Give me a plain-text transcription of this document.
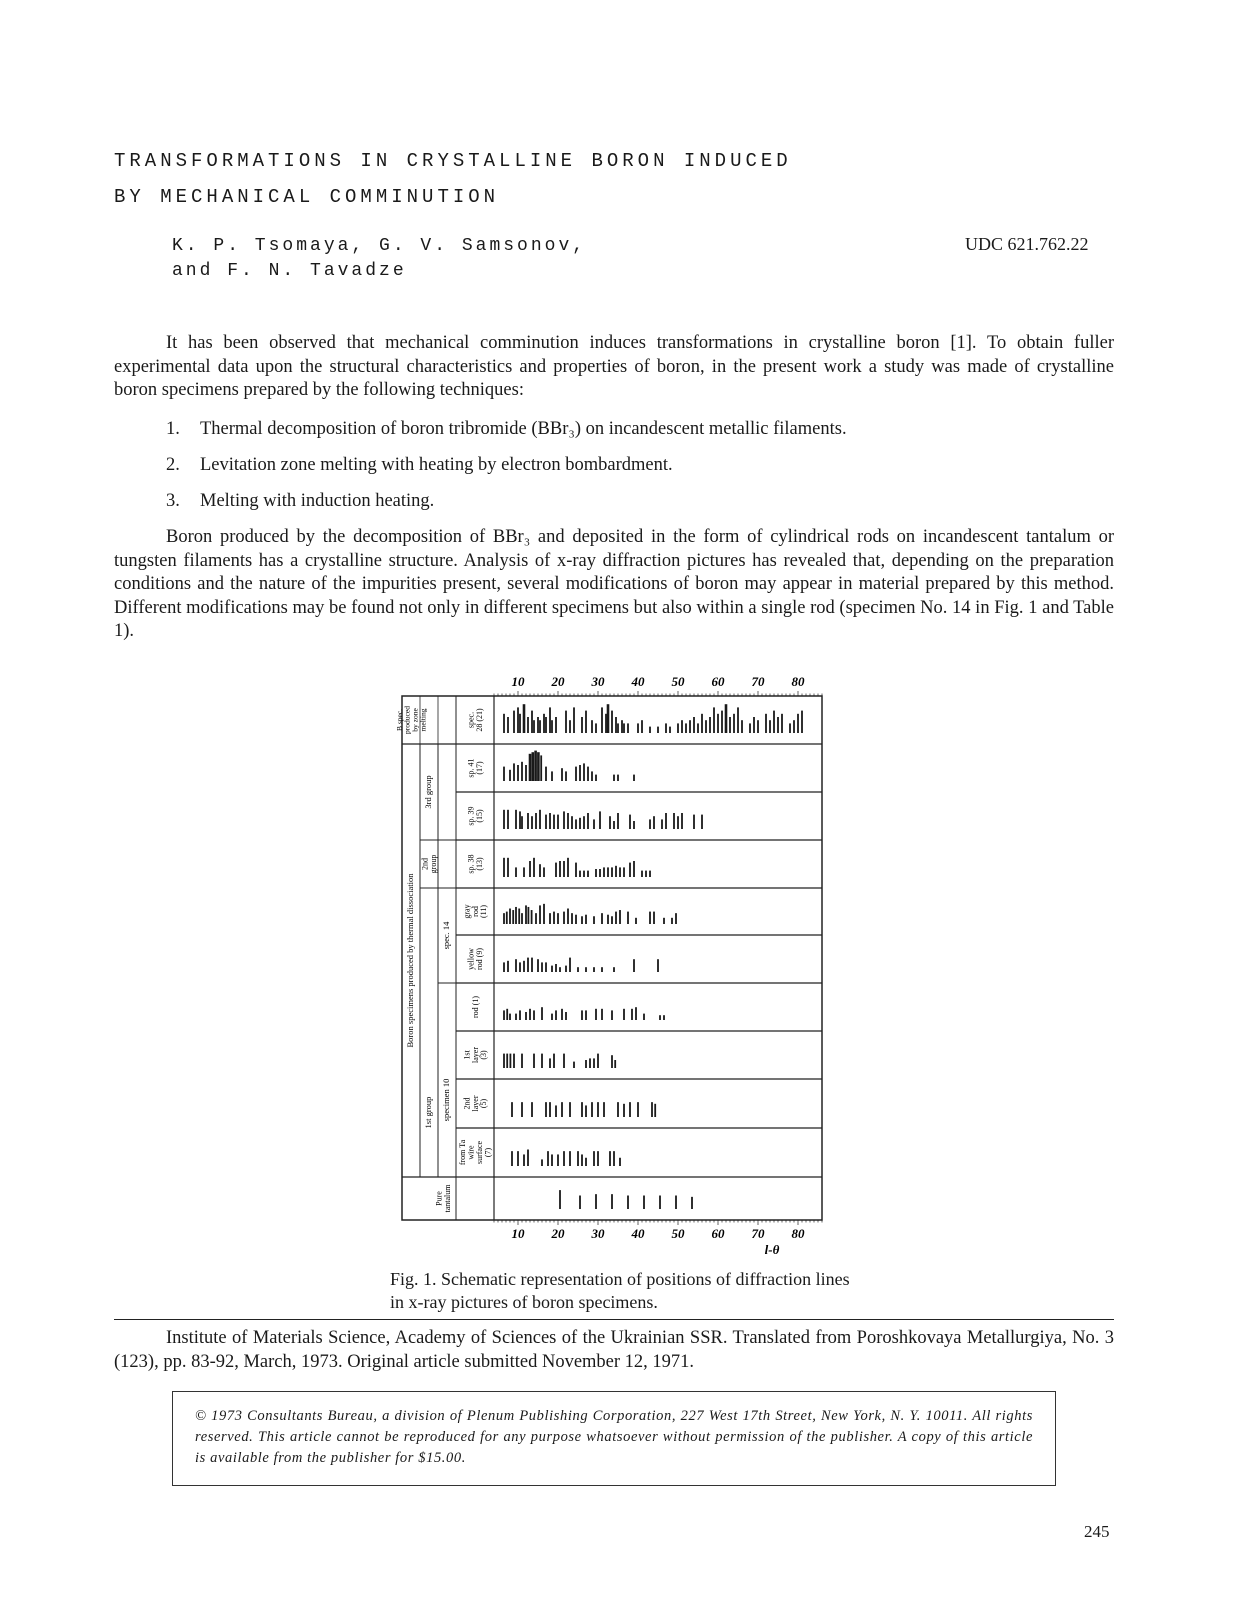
TRANSFORMATIONS IN CRYSTALLINE BORON INDUCED
BY MECHANICAL COMMINUTION
K. P. Tsomaya, G. V. Samsonov,
and F. N. Tavadze
UDC 621.762.22
It has been observed that mechanical comminution induces transformations in crystalline boron [1]. To obtain fuller experimental data upon the structural characteristics and properties of boron, in the present work a study was made of crystalline boron specimens prepared by the following techniques:
1. Thermal decomposition of boron tribromide (BBr₃) on incandescent metallic filaments.
2. Levitation zone melting with heating by electron bombardment.
3. Melting with induction heating.
Boron produced by the decomposition of BBr₃ and deposited in the form of cylindrical rods on incandescent tantalum or tungsten filaments has a crystalline structure. Analysis of x-ray diffraction pictures has revealed that, depending on the preparation conditions and the nature of the impurities present, several modifications of boron may appear in material prepared by this method. Different modifications may be found not only in different specimens but also within a single rod (specimen No. 14 in Fig. 1 and Table 1).
B spec.producedby zonemelting
Boron specimens produced by thermal dissociation
3rd group
2ndgroup
1st group
spec. 14
specimen 10
Puretantalum
spec.28 (21)
sp. 41(17)
sp. 39(15)
sp. 38(13)
grayrod(11)
yellowrod (9)
rod (1)
1stlayer(3)
2ndlayer(5)
from Tawiresurface(7)
10
10
20
20
30
30
40
40
50
50
60
60
70
70
80
80
l-θ
Fig. 1. Schematic representation of positions of diffraction lines in x-ray pictures of boron specimens.
Institute of Materials Science, Academy of Sciences of the Ukrainian SSR. Translated from Poroshkovaya Metallurgiya, No. 3 (123), pp. 83-92, March, 1973. Original article submitted November 12, 1971.
© 1973 Consultants Bureau, a division of Plenum Publishing Corporation, 227 West 17th Street, New York, N. Y. 10011. All rights reserved. This article cannot be reproduced for any purpose whatsoever without permission of the publisher. A copy of this article is available from the publisher for $15.00.
245
